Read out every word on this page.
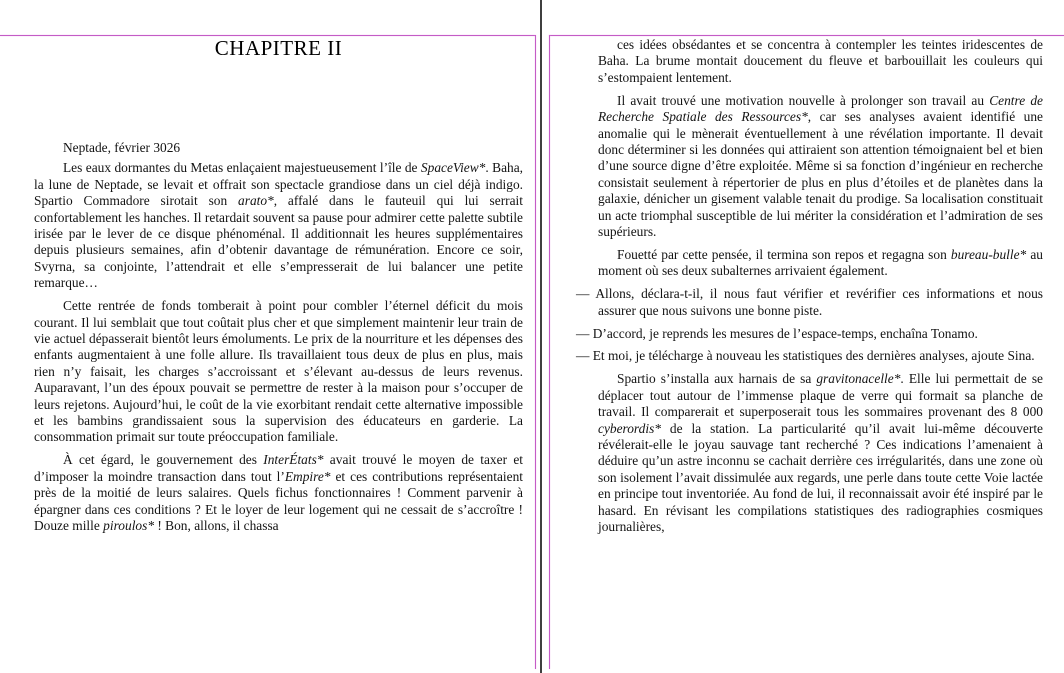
CHAPITRE II

Neptade, février 3026

Les eaux dormantes du Metas enlaçaient majestueusement l’île de SpaceView*. Baha, la lune de Neptade, se levait et offrait son spectacle grandiose dans un ciel déjà indigo. Spartio Commadore sirotait son arato*, affalé dans le fauteuil qui lui serrait confortablement les hanches. Il retardait souvent sa pause pour admirer cette palette subtile irisée par le lever de ce disque phénoménal. Il additionnait les heures supplémentaires depuis plusieurs semaines, afin d’obtenir davantage de rémunération. Encore ce soir, Svyrna, sa conjointe, l’attendrait et elle s’empresserait de lui balancer une petite remarque…

Cette rentrée de fonds tomberait à point pour combler l’éternel déficit du mois courant. Il lui semblait que tout coûtait plus cher et que simplement maintenir leur train de vie actuel dépasserait bientôt leurs émoluments. Le prix de la nourriture et les dépenses des enfants augmentaient à une folle allure. Ils travaillaient tous deux de plus en plus, mais rien n’y faisait, les charges s’accroissant et s’élevant au-dessus de leurs revenus. Auparavant, l’un des époux pouvait se permettre de rester à la maison pour s’occuper de leurs rejetons. Aujourd’hui, le coût de la vie exorbitant rendait cette alternative impossible et les bambins grandissaient sous la supervision des éducateurs en garderie. La consommation primait sur toute préoccupation familiale.

À cet égard, le gouvernement des InterÉtats* avait trouvé le moyen de taxer et d’imposer la moindre transaction dans tout l’Empire* et ces contributions représentaient près de la moitié de leurs salaires. Quels fichus fonctionnaires ! Comment parvenir à épargner dans ces conditions ? Et le loyer de leur logement qui ne cessait de s’accroître ! Douze mille piroulos* ! Bon, allons, il chassa

ces idées obsédantes et se concentra à contempler les teintes iridescentes de Baha. La brume montait doucement du fleuve et barbouillait les couleurs qui s’estompaient lentement.

Il avait trouvé une motivation nouvelle à prolonger son travail au Centre de Recherche Spatiale des Ressources*, car ses analyses avaient identifié une anomalie qui le mènerait éventuellement à une révélation importante. Il devait donc déterminer si les données qui attiraient son attention témoignaient bel et bien d’une source digne d’être exploitée. Même si sa fonction d’ingénieur en recherche consistait seulement à répertorier de plus en plus d’étoiles et de planètes dans la galaxie, dénicher un gisement valable tenait du prodige. Sa localisation constituait un acte triomphal susceptible de lui mériter la considération et l’admiration de ses supérieurs.

Fouetté par cette pensée, il termina son repos et regagna son bureau-bulle* au moment où ses deux subalternes arrivaient également.

— Allons, déclara-t-il, il nous faut vérifier et revérifier ces informations et nous assurer que nous suivons une bonne piste.

— D’accord, je reprends les mesures de l’espace-temps, enchaîna Tonamo.

— Et moi, je télécharge à nouveau les statistiques des dernières analyses, ajoute Sina.

Spartio s’installa aux harnais de sa gravitonacelle*. Elle lui permettait de se déplacer tout autour de l’immense plaque de verre qui formait sa planche de travail. Il comparerait et superposerait tous les sommaires provenant des 8 000 cyberordis* de la station. La particularité qu’il avait lui-même découverte révélerait-elle le joyau sauvage tant recherché ? Ces indications l’amenaient à déduire qu’un astre inconnu se cachait derrière ces irrégularités, dans une zone où son isolement l’avait dissimulée aux regards, une perle dans toute cette Voie lactée en principe tout inventoriée. Au fond de lui, il reconnaissait avoir été inspiré par le hasard. En révisant les compilations statistiques des radiographies cosmiques journalières,
